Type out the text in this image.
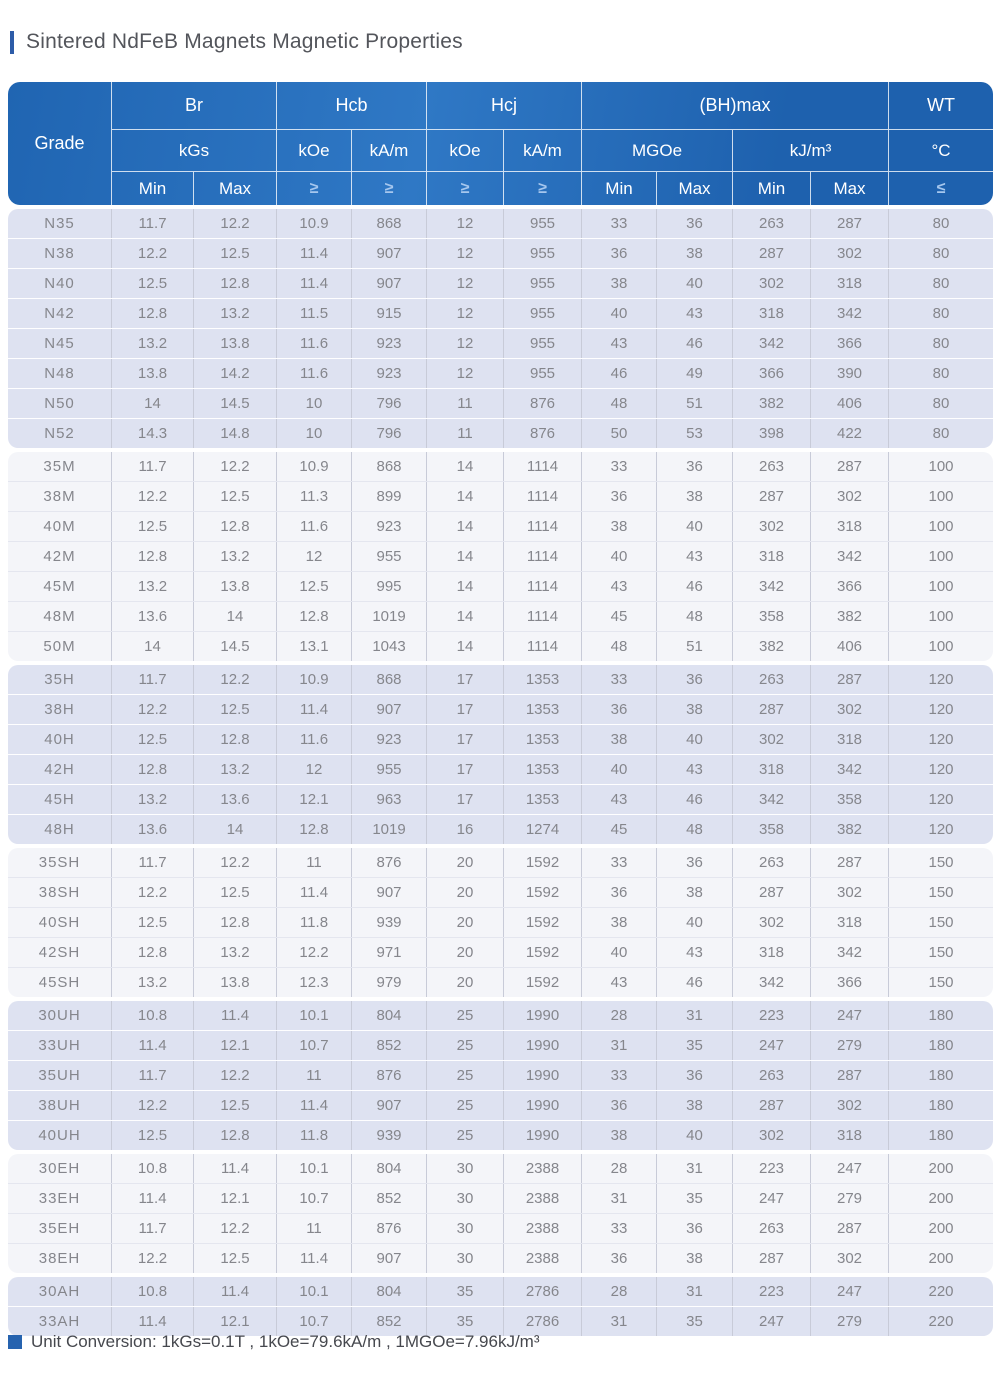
Sintered NdFeB Magnets Magnetic Properties
Grade
Br	Hcb	Hcj	(BH)max	WT
kGs	kOe	kA/m	kOe	kA/m	MGOe	kJ/m³	°C
Min	Max	≥	≥	≥	≥	Min	Max	Min	Max	≤
N35	11.7	12.2	10.9	868	12	955	33	36	263	287	80
N38	12.2	12.5	11.4	907	12	955	36	38	287	302	80
N40	12.5	12.8	11.4	907	12	955	38	40	302	318	80
N42	12.8	13.2	11.5	915	12	955	40	43	318	342	80
N45	13.2	13.8	11.6	923	12	955	43	46	342	366	80
N48	13.8	14.2	11.6	923	12	955	46	49	366	390	80
N50	14	14.5	10	796	11	876	48	51	382	406	80
N52	14.3	14.8	10	796	11	876	50	53	398	422	80
35M	11.7	12.2	10.9	868	14	1114	33	36	263	287	100
38M	12.2	12.5	11.3	899	14	1114	36	38	287	302	100
40M	12.5	12.8	11.6	923	14	1114	38	40	302	318	100
42M	12.8	13.2	12	955	14	1114	40	43	318	342	100
45M	13.2	13.8	12.5	995	14	1114	43	46	342	366	100
48M	13.6	14	12.8	1019	14	1114	45	48	358	382	100
50M	14	14.5	13.1	1043	14	1114	48	51	382	406	100
35H	11.7	12.2	10.9	868	17	1353	33	36	263	287	120
38H	12.2	12.5	11.4	907	17	1353	36	38	287	302	120
40H	12.5	12.8	11.6	923	17	1353	38	40	302	318	120
42H	12.8	13.2	12	955	17	1353	40	43	318	342	120
45H	13.2	13.6	12.1	963	17	1353	43	46	342	358	120
48H	13.6	14	12.8	1019	16	1274	45	48	358	382	120
35SH	11.7	12.2	11	876	20	1592	33	36	263	287	150
38SH	12.2	12.5	11.4	907	20	1592	36	38	287	302	150
40SH	12.5	12.8	11.8	939	20	1592	38	40	302	318	150
42SH	12.8	13.2	12.2	971	20	1592	40	43	318	342	150
45SH	13.2	13.8	12.3	979	20	1592	43	46	342	366	150
30UH	10.8	11.4	10.1	804	25	1990	28	31	223	247	180
33UH	11.4	12.1	10.7	852	25	1990	31	35	247	279	180
35UH	11.7	12.2	11	876	25	1990	33	36	263	287	180
38UH	12.2	12.5	11.4	907	25	1990	36	38	287	302	180
40UH	12.5	12.8	11.8	939	25	1990	38	40	302	318	180
30EH	10.8	11.4	10.1	804	30	2388	28	31	223	247	200
33EH	11.4	12.1	10.7	852	30	2388	31	35	247	279	200
35EH	11.7	12.2	11	876	30	2388	33	36	263	287	200
38EH	12.2	12.5	11.4	907	30	2388	36	38	287	302	200
30AH	10.8	11.4	10.1	804	35	2786	28	31	223	247	220
33AH	11.4	12.1	10.7	852	35	2786	31	35	247	279	220
Unit Conversion: 1kGs=0.1T , 1kOe=79.6kA/m , 1MGOe=7.96kJ/m³
